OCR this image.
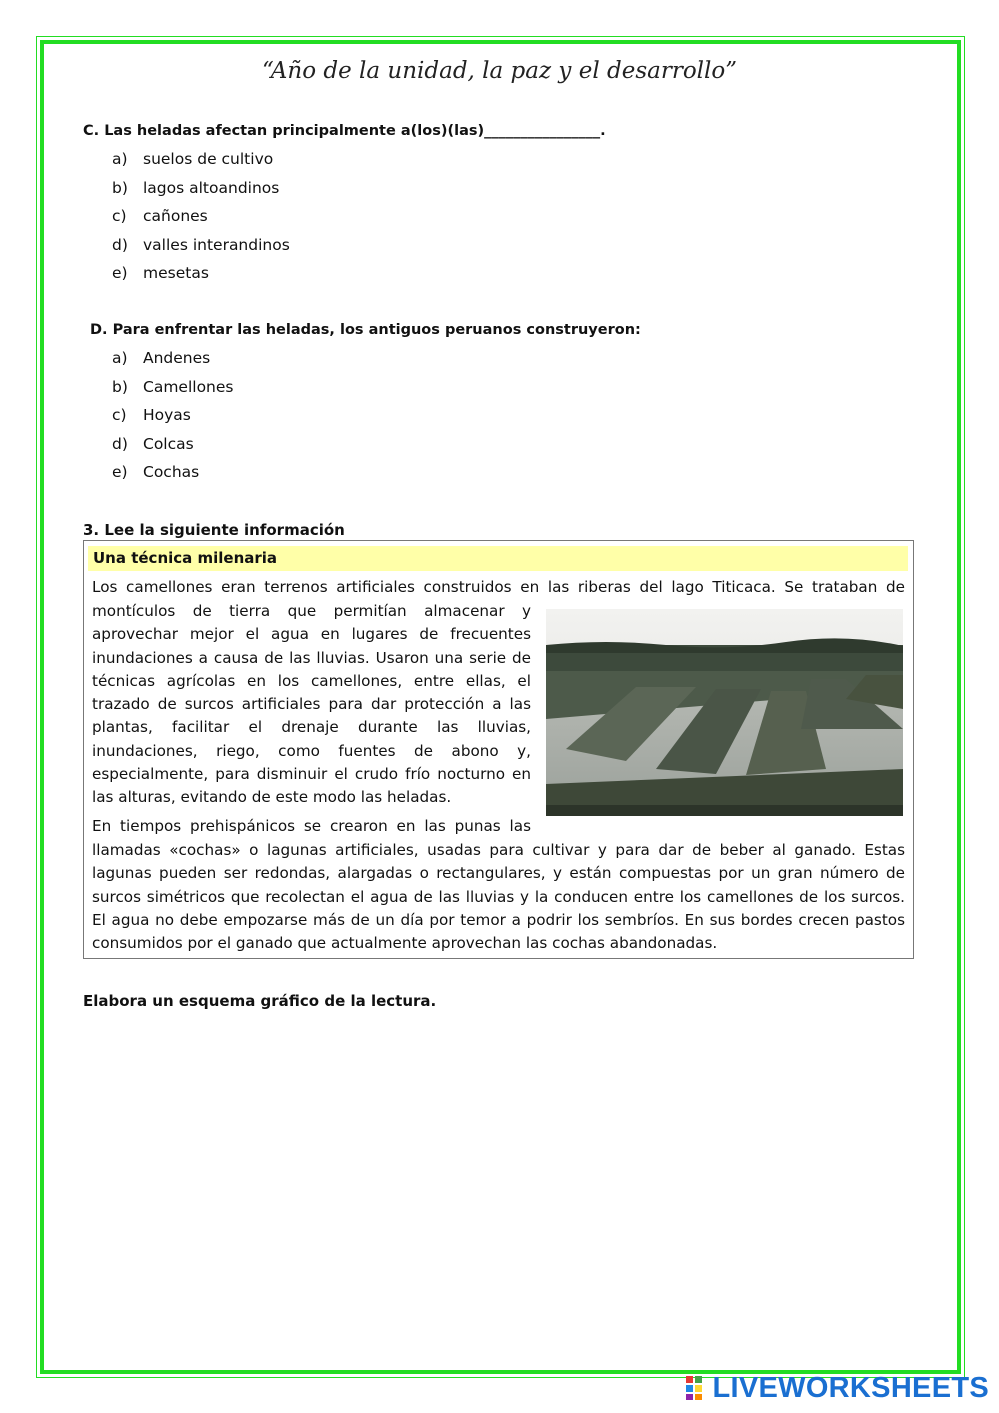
“Año de la unidad, la paz y el desarrollo”
C. Las heladas afectan principalmente a(los)(las)________________.
a) suelos de cultivo
b) lagos altoandinos
c) cañones
d) valles interandinos
e) mesetas
D. Para enfrentar las heladas, los antiguos peruanos construyeron:
a) Andenes
b) Camellones
c) Hoyas
d) Colcas
e) Cochas
3. Lee la siguiente información
Una técnica milenaria

Los camellones eran terrenos artificiales construidos en las riberas del lago Titicaca. Se trataban de

montículos de tierra que permitían almacenar y aprovechar mejor el agua en lugares de frecuentes inundaciones a causa de las lluvias. Usaron una serie de técnicas agrícolas en los camellones, entre ellas, el trazado de surcos artificiales para dar protección a las plantas, facilitar el drenaje durante las lluvias, inundaciones, riego, como fuentes de abono y, especialmente, para disminuir el crudo frío nocturno en las alturas, evitando de este modo las heladas.

En tiempos prehispánicos se crearon en las punas las

llamadas «cochas» o lagunas artificiales, usadas para cultivar y para dar de beber al ganado. Estas lagunas pueden ser redondas, alargadas o rectangulares, y están compuestas por un gran número de surcos simétricos que recolectan el agua de las lluvias y la conducen entre los camellones de los surcos. El agua no debe empozarse más de un día por temor a podrir los sembríos. En sus bordes crecen pastos consumidos por el ganado que actualmente aprovechan las cochas abandonadas.

Elabora un esquema gráfico de la lectura.
LIVEWORKSHEETS
